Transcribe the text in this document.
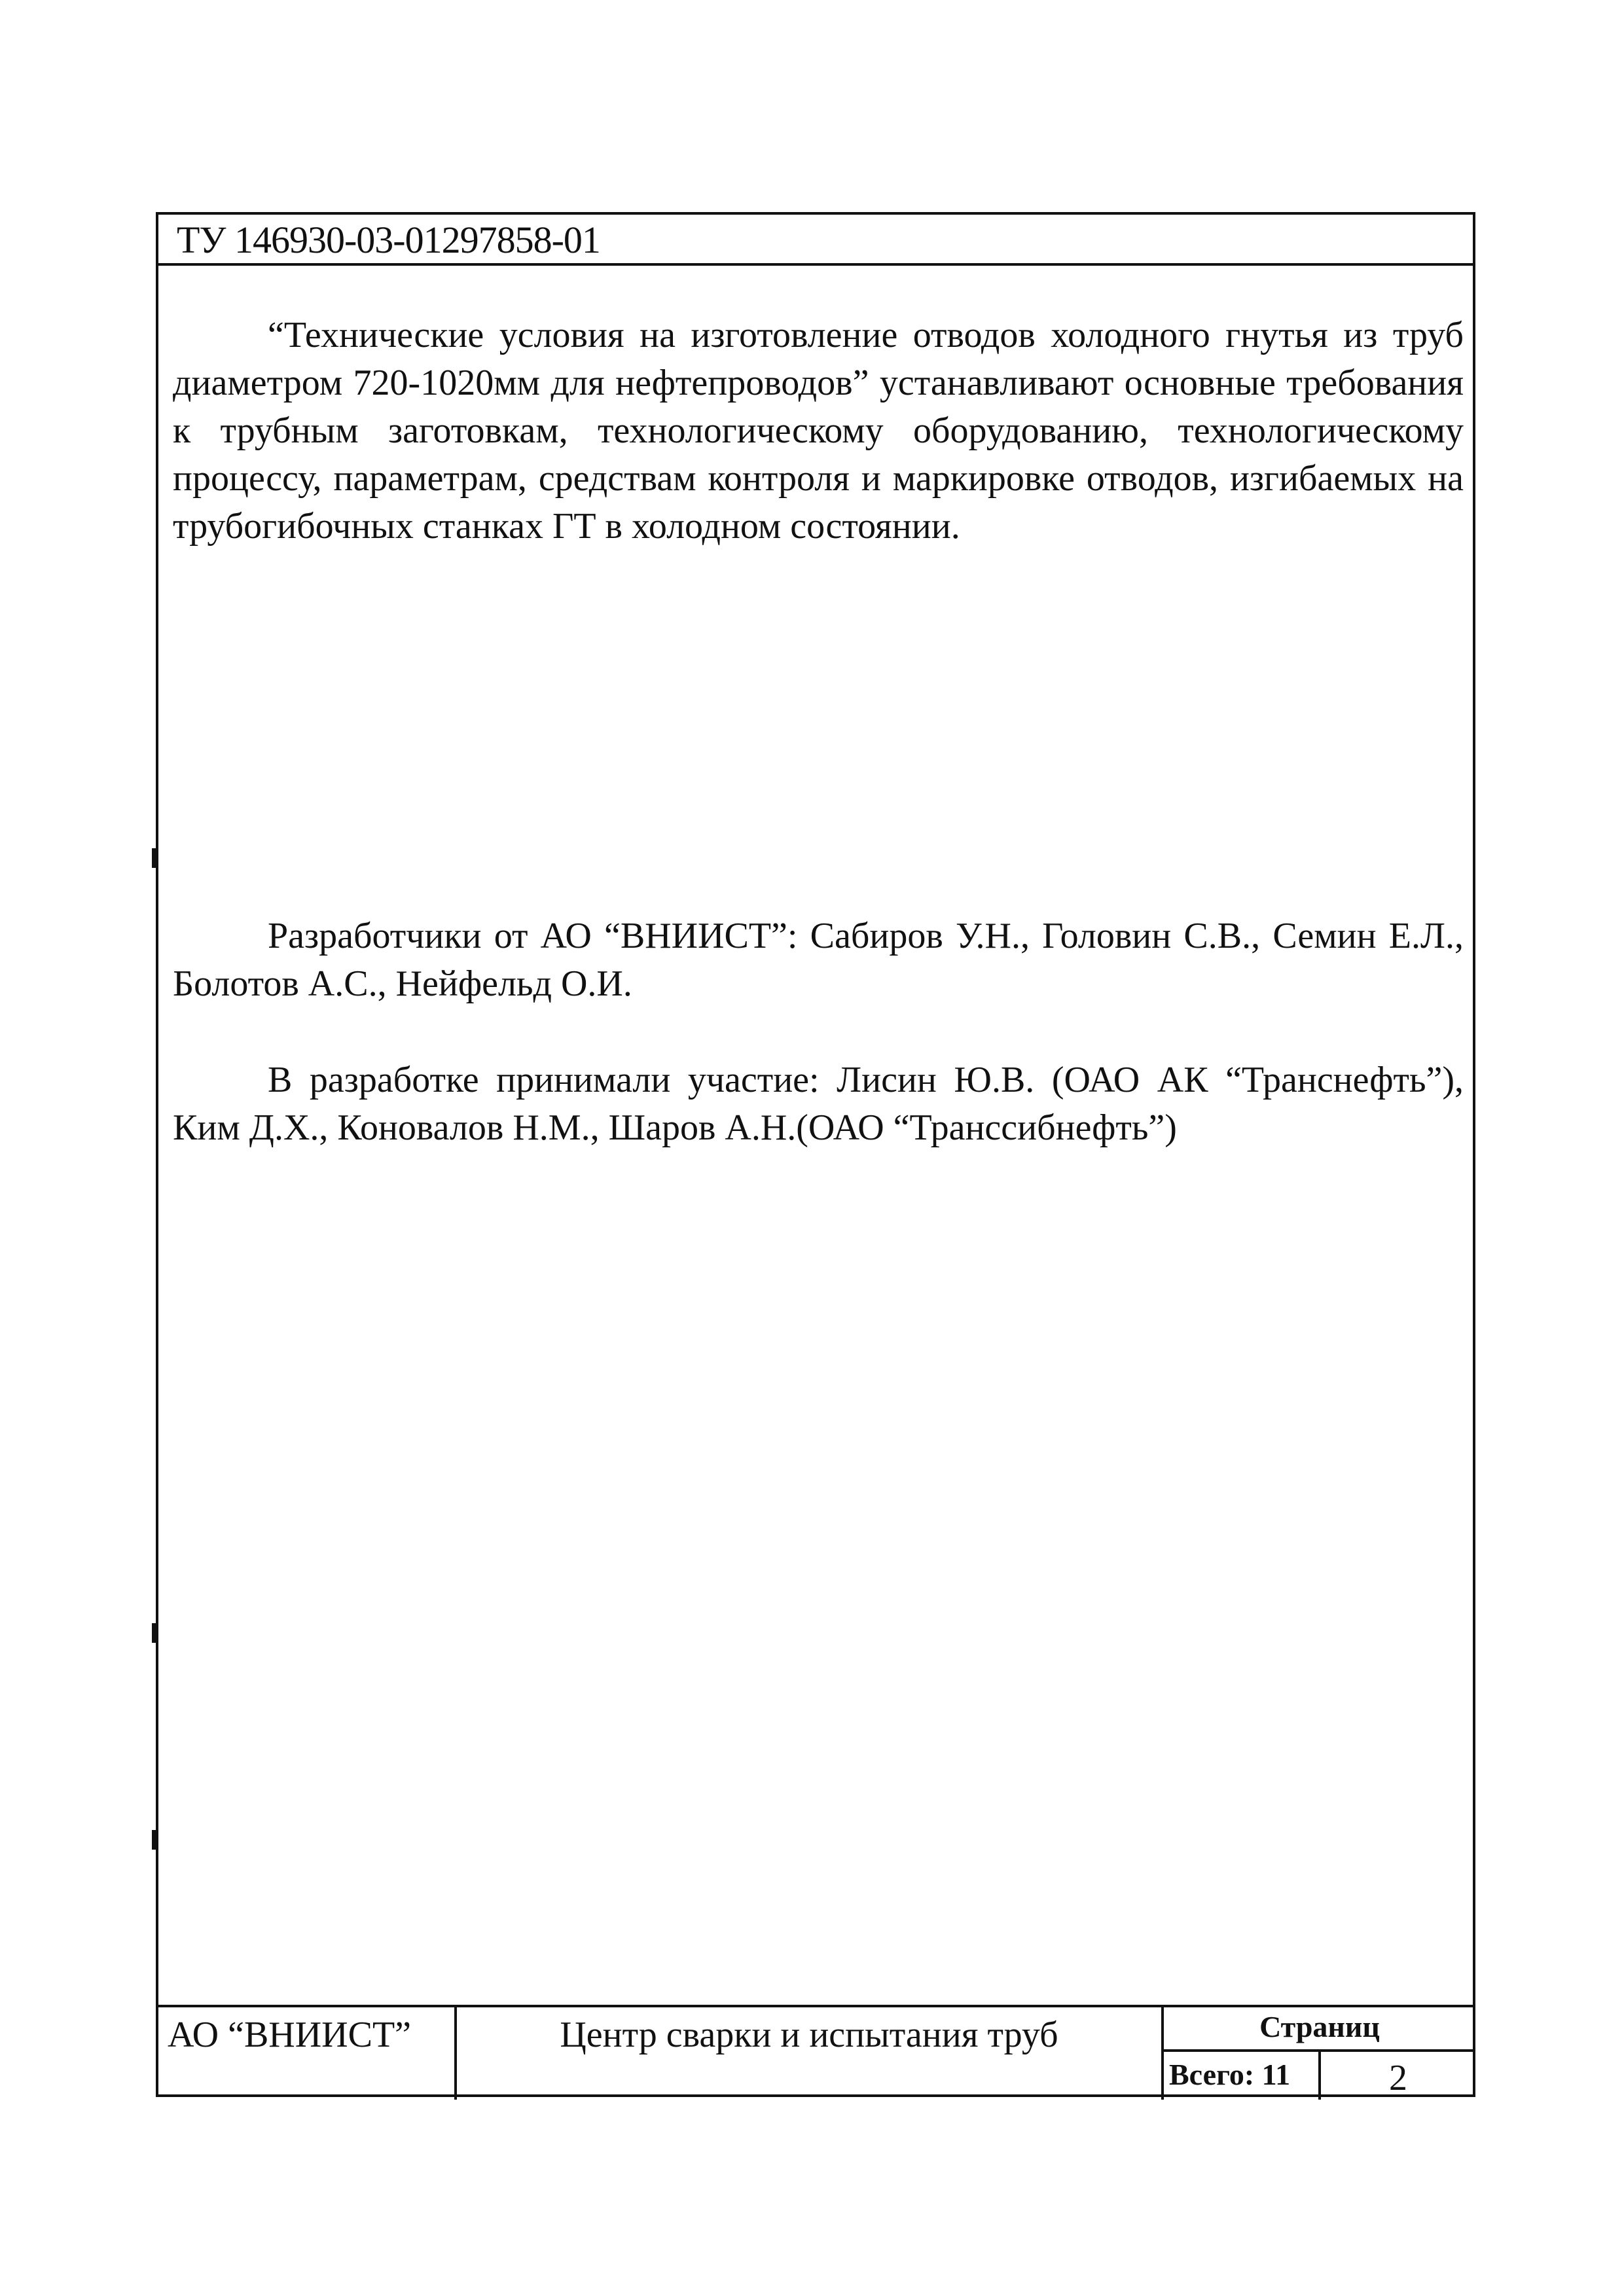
ТУ 146930-03-01297858-01

“Технические условия на изготовление отводов холодного гнутья из труб диаметром 720-1020мм для нефтепроводов” устанавливают основные требования к трубным заготовкам, технологическому оборудованию, технологическому процессу, параметрам, средствам контроля и маркировке отводов, изгибаемых на трубогибочных станках ГТ в холодном состоянии.

Разработчики от АО “ВНИИСТ”: Сабиров У.Н., Головин С.В., Семин Е.Л., Болотов А.С., Нейфельд О.И.

В разработке принимали участие: Лисин Ю.В. (ОАО АК “Транснефть”), Ким Д.Х., Коновалов Н.М., Шаров А.Н.(ОАО “Транссибнефть”)

АО “ВНИИСТ”	Центр сварки и испытания труб	Страниц
Всего: 11	2
